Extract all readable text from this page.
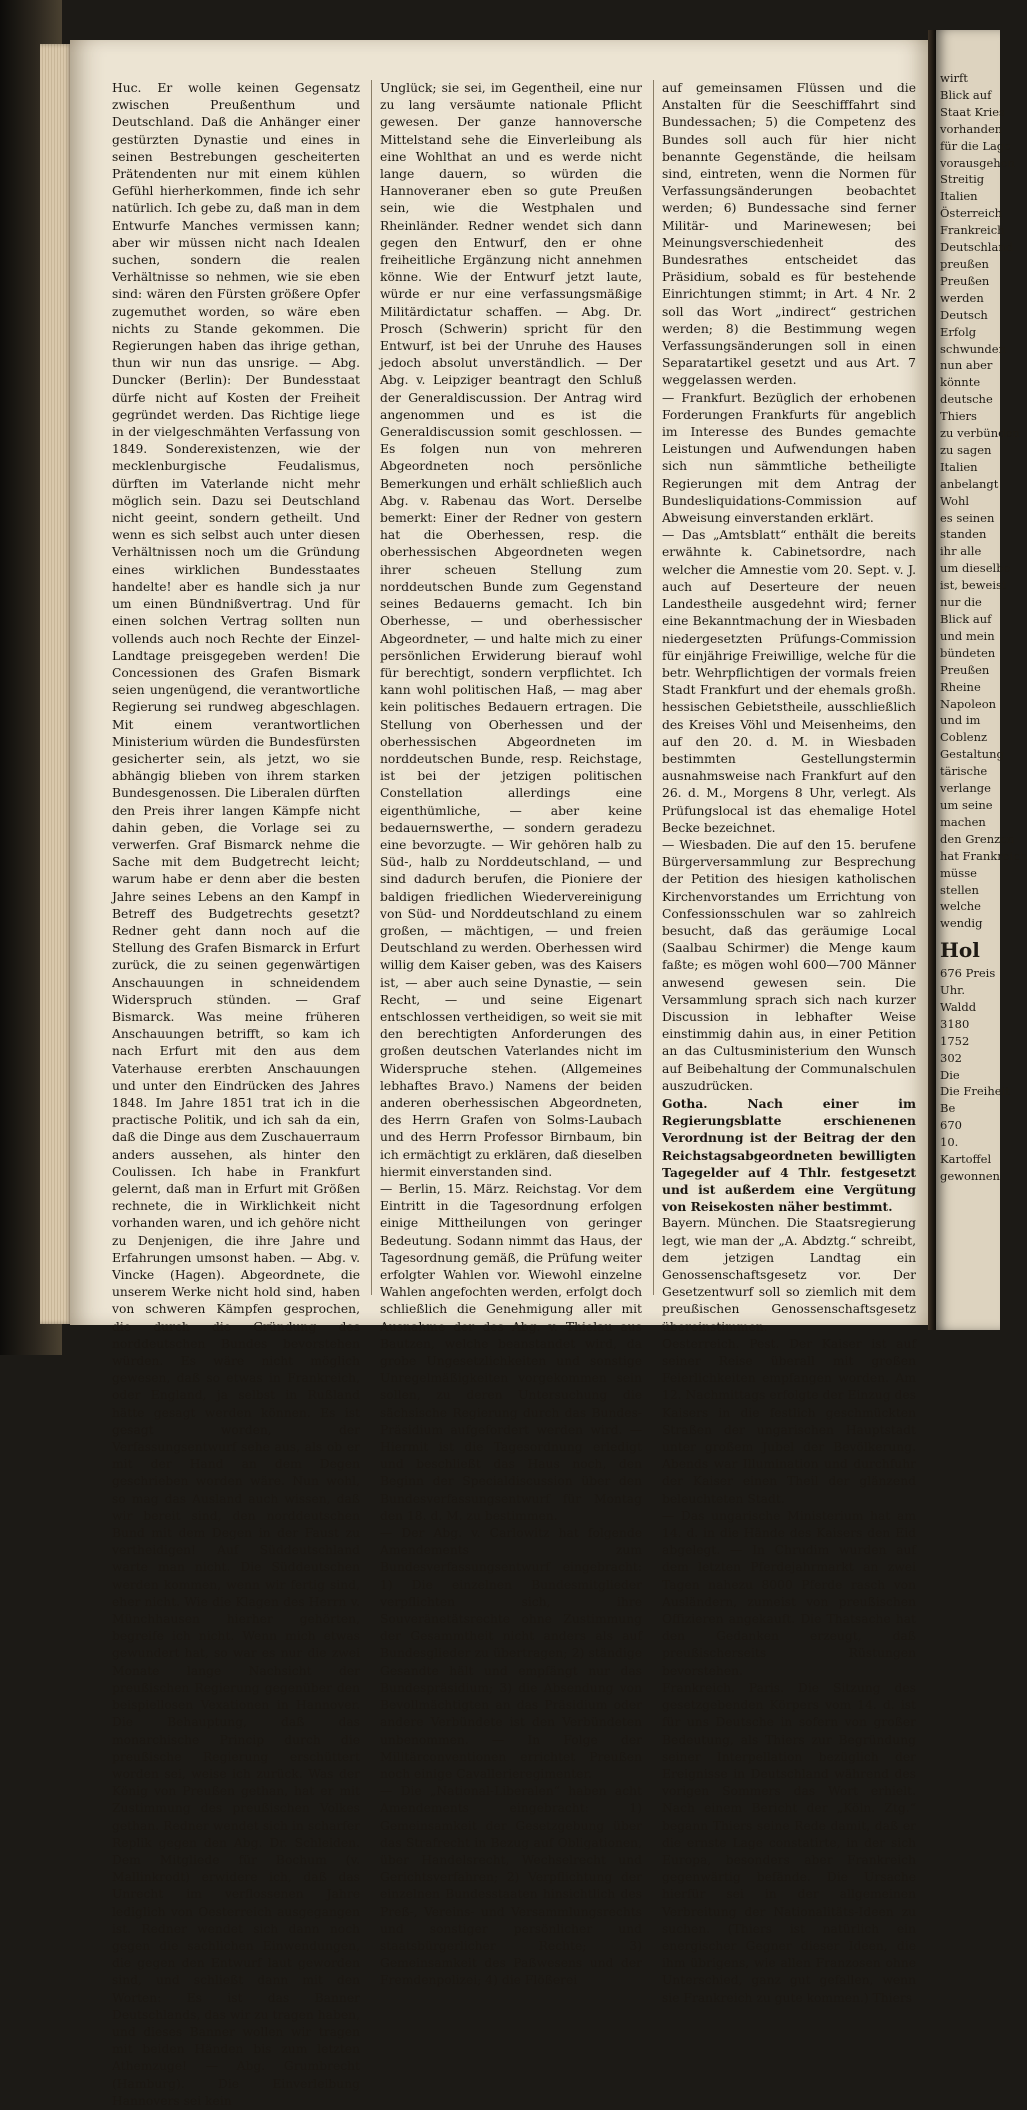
Huc. Er wolle keinen Gegensatz zwischen Preußenthum und Deutschland. Daß die Anhänger einer gestürzten Dynastie und eines in seinen Bestrebungen gescheiterten Prätendenten nur mit einem kühlen Gefühl hierherkommen, finde ich sehr natürlich. Ich gebe zu, daß man in dem Entwurfe Manches vermissen kann; aber wir müssen nicht nach Idealen suchen, sondern die realen Verhältnisse so nehmen, wie sie eben sind: wären den Fürsten größere Opfer zugemuthet worden, so wäre eben nichts zu Stande gekommen. Die Regierungen haben das ihrige gethan, thun wir nun das unsrige. — Abg. Duncker (Berlin): Der Bundesstaat dürfe nicht auf Kosten der Freiheit gegründet werden. Das Richtige liege in der vielgeschmähten Verfassung von 1849. Sonderexistenzen, wie der mecklenburgische Feudalismus, dürften im Vaterlande nicht mehr möglich sein. Dazu sei Deutschland nicht geeint, sondern getheilt. Und wenn es sich selbst auch unter diesen Verhältnissen noch um die Gründung eines wirklichen Bundesstaates handelte! aber es handle sich ja nur um einen Bündnißvertrag. Und für einen solchen Vertrag sollten nun vollends auch noch Rechte der Einzel-Landtage preisgegeben werden! Die Concessionen des Grafen Bismark seien ungenügend, die verantwortliche Regierung sei rundweg abgeschlagen. Mit einem verantwortlichen Ministerium würden die Bundesfürsten gesicherter sein, als jetzt, wo sie abhängig blieben von ihrem starken Bundesgenossen. Die Liberalen dürften den Preis ihrer langen Kämpfe nicht dahin geben, die Vorlage sei zu verwerfen. Graf Bismarck nehme die Sache mit dem Budgetrecht leicht; warum habe er denn aber die besten Jahre seines Lebens an den Kampf in Betreff des Budgetrechts gesetzt? Redner geht dann noch auf die Stellung des Grafen Bismarck in Erfurt zurück, die zu seinen gegenwärtigen Anschauungen in schneidendem Widerspruch stünden. — Graf Bismarck. Was meine früheren Anschauungen betrifft, so kam ich nach Erfurt mit den aus dem Vaterhause ererbten Anschauungen und unter den Eindrücken des Jahres 1848. Im Jahre 1851 trat ich in die practische Politik, und ich sah da ein, daß die Dinge aus dem Zuschauerraum anders aussehen, als hinter den Coulissen. Ich habe in Frankfurt gelernt, daß man in Erfurt mit Größen rechnete, die in Wirklichkeit nicht vorhanden waren, und ich gehöre nicht zu Denjenigen, die ihre Jahre und Erfahrungen umsonst haben. — Abg. v. Vincke (Hagen). Abgeordnete, die unserem Werke nicht hold sind, haben von schweren Kämpfen gesprochen, die durch die Gründung des norddeutschen Bundes bevorstehen würden. Es wäre nicht möglich gewesen, daß so etwas in Frankreich, oder England, ja selbst in Rußland hätte gesagt werden können. Es ist gesagt worden, der Verfassungsentwurf sehe aus, als ob er mit der Hand an dem Degen geschrieben worden wäre. Nun wohl, so mag das Ausland auch wissen, daß wir bereit sind, den norddeutschen Bund mit dem Degen in der Faust zu vertheidigen! Auf Süddeutschland warte man nicht. Die Süddeutschen werden kommen, wenn wir fertig sind, eher nicht. Wie die Klagen des Herrn v. Münchhausen hierher gehörten, begreife ich nicht. Wenn mich etwas gewundert hat, so war es nur die zwei Monate lange Nachsicht der preußischen Regierung gegenüber den beispiellosen Vexationen in Hannover. Die Behauptung, daß das monarchische Princip durch die preußische Regierung erschüttert worden sei, weise ich zurück. Was der König von Preußen gethan, hat er mit Zustimmung des preußischen Volkes gethan. Redner wendet sich in scharfer Replik gegen den Abg. Dr. Schleiden. Dem Mitgliede für Bochum (v. Mallinkrodt) erwidere ich, daß das Unrecht im verflossenen Jahre lediglich von Oesterreich ausgegangen ist. Redner wendet sich dann noch gegen die sachlichen Einwendungen, die gegen den Entwurf laut geworden sind, und schließt dann mit den Worten: Es ist das Banner Deutschlands, das wir zu tragen haben, und dieses Banner wollen wir tragen mit beiden Händen bis zum letzten Athemzuge! — Abg. Grumbrecht (Hamburg). Die Einverleibung Hannovers sei kein

Unglück; sie sei, im Gegentheil, eine nur zu lang versäumte nationale Pflicht gewesen. Der ganze hannoversche Mittelstand sehe die Einverleibung als eine Wohlthat an und es werde nicht lange dauern, so würden die Hannoveraner eben so gute Preußen sein, wie die Westphalen und Rheinländer. Redner wendet sich dann gegen den Entwurf, den er ohne freiheitliche Ergänzung nicht annehmen könne. Wie der Entwurf jetzt laute, würde er nur eine verfassungsmäßige Militärdictatur schaffen. — Abg. Dr. Prosch (Schwerin) spricht für den Entwurf, ist bei der Unruhe des Hauses jedoch absolut unverständlich. — Der Abg. v. Leipziger beantragt den Schluß der Generaldiscussion. Der Antrag wird angenommen und es ist die Generaldiscussion somit geschlossen. — Es folgen nun von mehreren Abgeordneten noch persönliche Bemerkungen und erhält schließlich auch Abg. v. Rabenau das Wort. Derselbe bemerkt: Einer der Redner von gestern hat die Oberhessen, resp. die oberhessischen Abgeordneten wegen ihrer scheuen Stellung zum norddeutschen Bunde zum Gegenstand seines Bedauerns gemacht. Ich bin Oberhesse, — und oberhessischer Abgeordneter, — und halte mich zu einer persönlichen Erwiderung bierauf wohl für berechtigt, sondern verpflichtet. Ich kann wohl politischen Haß, — mag aber kein politisches Bedauern ertragen. Die Stellung von Oberhessen und der oberhessischen Abgeordneten im norddeutschen Bunde, resp. Reichstage, ist bei der jetzigen politischen Constellation allerdings eine eigenthümliche, — aber keine bedauernswerthe, — sondern geradezu eine bevorzugte. — Wir gehören halb zu Süd-, halb zu Norddeutschland, — und sind dadurch berufen, die Pioniere der baldigen friedlichen Wiedervereinigung von Süd- und Norddeutschland zu einem großen, — mächtigen, — und freien Deutschland zu werden. Oberhessen wird willig dem Kaiser geben, was des Kaisers ist, — aber auch seine Dynastie, — sein Recht, — und seine Eigenart entschlossen vertheidigen, so weit sie mit den berechtigten Anforderungen des großen deutschen Vaterlandes nicht im Widerspruche stehen. (Allgemeines lebhaftes Bravo.) Namens der beiden anderen oberhessischen Abgeordneten, des Herrn Grafen von Solms-Laubach und des Herrn Professor Birnbaum, bin ich ermächtigt zu erklären, daß dieselben hiermit einverstanden sind.

— Berlin, 15. März. Reichstag. Vor dem Eintritt in die Tagesordnung erfolgen einige Mittheilungen von geringer Bedeutung. Sodann nimmt das Haus, der Tagesordnung gemäß, die Prüfung weiter erfolgter Wahlen vor. Wiewohl einzelne Wahlen angefochten werden, erfolgt doch schließlich die Genehmigung aller mit Ausnahme der des Abg. v. Thielau aus Bautzen, welche beanstandet wird, da grobe Ungesetzlichkeiten und sonstige Unregelmäßigkeiten vorgekommen sein sollen, zu deren Untersuchung die sächsische Regierung durch das Bundes-Präsidium aufgefordert werden wird. — Hiermit ist die Tagesordnung erledigt und beschließt das Haus noch, den Beginn der Specialdiscussion über den Bundesverfassungsentwurf für Montag den 18. d. M. zu bestimmen.

— Der Abg. v. Carlowitz hat folgende Amendements zum Bundesverfassungsentwurf eingebracht: 1) Die einzelnen Bundesmitglieder verpflichten sich, ihre Souveränetätsrechte ohne Zustimmung der Gesammtheit nicht anders als auf Bundesglieder zu übertragen; 2) ständige Gesandte hält und empfängt nur das Bundespräsidium; 3) die Absendung von Bevollmächtigten an das Präsidium oder andere Verbündete ist den Verbündeten unbenommen. — In Folge der Militärconventionen errichtet Preußen noch einige Cavallerieregimenter.

— Die „National-Liberalen“ haben acht Amendements eingebracht: 1) Gemeinsamkeit der Gesetzgebung über das Strafrecht in Bezug auf Obligationen, über Handelsrecht, Wechselrecht und Gerichtsverfahren; 2) Verpflichtung der einzelnen Bundesstaaten hinsichtlich des Preß-, Vereins- und Versammlungsrechts und sonstiger persönlicher und staatsbürgerlicher Rechte; 3) Gemeinsamkeit des Paßwesens und der Fremdenpolizei; 4) die Flößerei

auf gemeinsamen Flüssen und die Anstalten für die Seeschifffahrt sind Bundessachen; 5) die Competenz des Bundes soll auch für hier nicht benannte Gegenstände, die heilsam sind, eintreten, wenn die Normen für Verfassungsänderungen beobachtet werden; 6) Bundessache sind ferner Militär- und Marinewesen; bei Meinungsverschiedenheit des Bundesrathes entscheidet das Präsidium, sobald es für bestehende Einrichtungen stimmt; in Art. 4 Nr. 2 soll das Wort „indirect“ gestrichen werden; 8) die Bestimmung wegen Verfassungsänderungen soll in einen Separatartikel gesetzt und aus Art. 7 weggelassen werden.

— Frankfurt. Bezüglich der erhobenen Forderungen Frankfurts für angeblich im Interesse des Bundes gemachte Leistungen und Aufwendungen haben sich nun sämmtliche betheiligte Regierungen mit dem Antrag der Bundesliquidations-Commission auf Abweisung einverstanden erklärt.

— Das „Amtsblatt“ enthält die bereits erwähnte k. Cabinetsordre, nach welcher die Amnestie vom 20. Sept. v. J. auch auf Deserteure der neuen Landestheile ausgedehnt wird; ferner eine Bekanntmachung der in Wiesbaden niedergesetzten Prüfungs-Commission für einjährige Freiwillige, welche für die betr. Wehrpflichtigen der vormals freien Stadt Frankfurt und der ehemals großh. hessischen Gebietstheile, ausschließlich des Kreises Vöhl und Meisenheims, den auf den 20. d. M. in Wiesbaden bestimmten Gestellungstermin ausnahmsweise nach Frankfurt auf den 26. d. M., Morgens 8 Uhr, verlegt. Als Prüfungslocal ist das ehemalige Hotel Becke bezeichnet.

— Wiesbaden. Die auf den 15. berufene Bürgerversammlung zur Besprechung der Petition des hiesigen katholischen Kirchenvorstandes um Errichtung von Confessionsschulen war so zahlreich besucht, daß das geräumige Local (Saalbau Schirmer) die Menge kaum faßte; es mögen wohl 600—700 Männer anwesend gewesen sein. Die Versammlung sprach sich nach kurzer Discussion in lebhafter Weise einstimmig dahin aus, in einer Petition an das Cultusministerium den Wunsch auf Beibehaltung der Communalschulen auszudrücken.

Gotha. Nach einer im Regierungsblatte erschienenen Verordnung ist der Beitrag der den Reichstagsabgeordneten bewilligten Tagegelder auf 4 Thlr. festgesetzt und ist außerdem eine Vergütung von Reisekosten näher bestimmt.

Bayern. München. Die Staatsregierung legt, wie man der „A. Abdztg.“ schreibt, dem jetzigen Landtag ein Genossenschaftsgesetz vor. Der Gesetzentwurf soll so ziemlich mit dem preußischen Genossenschaftsgesetz übereinstimmen.

Oesterreich. Pest. Der Kaiser ist auf seiner Reise überall mit großen Feierlichkeiten empfangen worden. Am 12. Nachmittags erfolgte der Einzug des Kaisers in die festlich geschmückten Straßen der ungarischen Hauptstadt unter großem Jubel der Bevölkerung. Abends war Illumination und durchfuhr der Kaiser einen Theil der glänzend beleuchteten Stadt.

— Das ungarische Ministerium hat am 14. d. in die Hände des Kaisers den Eid abgelegt. — In Chrudim wurden auf dem letzten Pferdejahrmarkt an zwei Tagen nahezu 8000 Pferde rasch von Ausländern, zumeist von preußischen Offizieren angekauft. Die Thatsache hat den Gedanken erzeugt, daß preußischerseits Rüstungen bevorstehen.

Frankreich. Paris. Die Sitzung des gesetzgebenden Körpers vom 14. d. ist für uns Deutsche in sofern von großer Bedeutung, als Thiers zur Begründung seiner Interpellation bezüglich der Ereignisse in Deutschland während des vorigen Sommers das Wort erhielt. Nach einem Bericht der „Köln. Ztg.“ begann Thiers seine Rede damit, daß er die ernste Lage constatirte, in der sich Europa, besonders aber Frankreich gegenwärtig befände. Die Ursache hierfür sei in der allgemeinen Verbreitung der Nationalitäts-Ideen zu suchen. (Thiers ist natürlich ein energischer Gegner dieser Ideen, die ihm übrigens, wie allen Franzosen ohne Unterschied, ganz gut gefallen, wenn sie Frankreich zu gute kommen.) Thiers

wirft
Blick auf
Staat Kries
vorhanden
für die Lage
vorausgehen
Streitig
Italien
Österreich
Frankreich
Deutschland
preußen
Preußen
werden
Deutsch
Erfolg
schwunden
nun aber
könnte
deutsche
Thiers
zu verbünden
zu sagen
Italien
anbelangt
Wohl
es seinen
standen
ihr alle
um dieselbe
ist, beweist
nur die
Blick auf
und mein
bündeten
Preußen
Rheine
Napoleon
und im
Coblenz
Gestaltung
tärische
verlange
um seine
machen
den Grenzen
hat Frankreich
müsse
stellen
welche
wendig
Hol
676 Preis
Uhr.
Waldd
3180
1752
302
Die
Die Freiheit
Be
670
10.
Kartoffel
gewonnen
